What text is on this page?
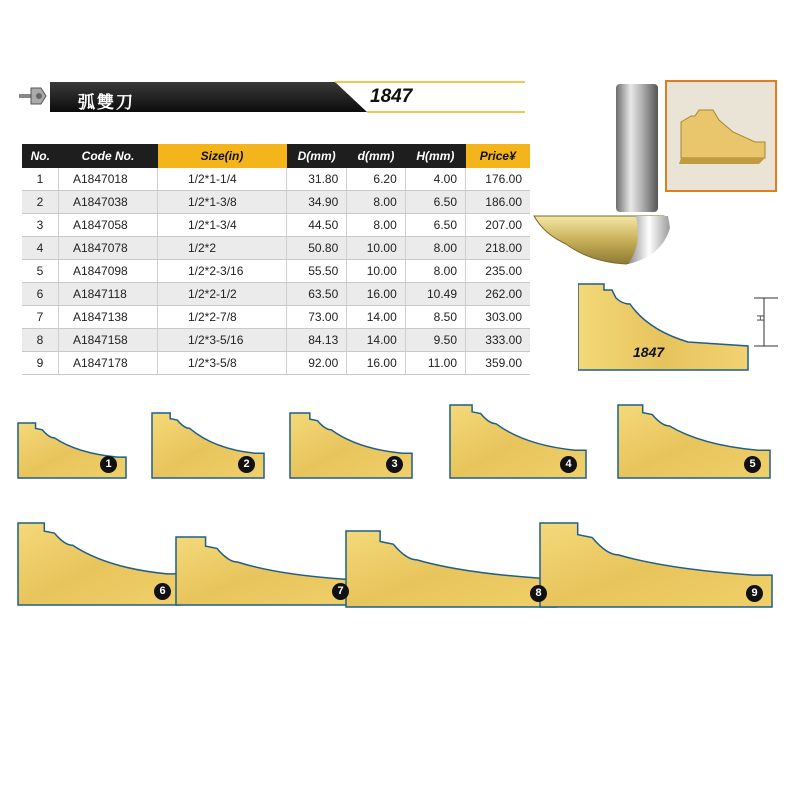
弧雙刀	1847
No.	Code No.	Size(in)	D(mm)	d(mm)	H(mm)	Price¥
1	A1847018	1/2*1-1/4	31.80	6.20	4.00	176.00
2	A1847038	1/2*1-3/8	34.90	8.00	6.50	186.00
3	A1847058	1/2*1-3/4	44.50	8.00	6.50	207.00
4	A1847078	1/2*2	50.80	10.00	8.00	218.00
5	A1847098	1/2*2-3/16	55.50	10.00	8.00	235.00
6	A1847118	1/2*2-1/2	63.50	16.00	10.49	262.00
7	A1847138	1/2*2-7/8	73.00	14.00	8.50	303.00
8	A1847158	1/2*3-5/16	84.13	14.00	9.50	333.00
9	A1847178	1/2*3-5/8	92.00	16.00	11.00	359.00
1847
H
1	2	3	4	5
6	7	8	9
